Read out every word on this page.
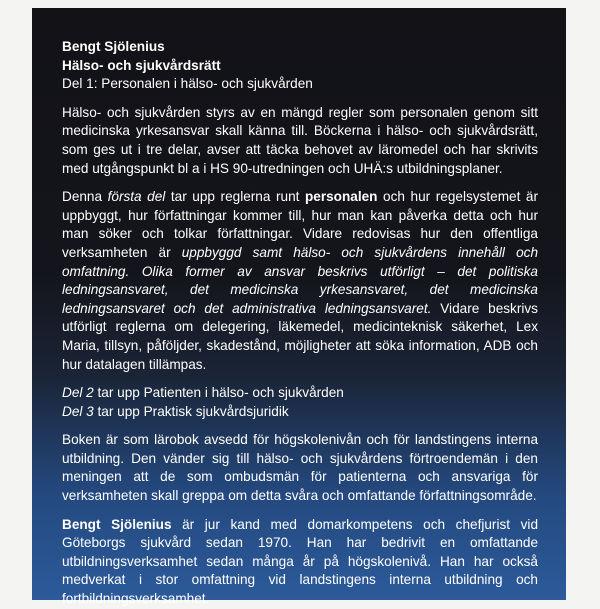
Bengt Sjölenius
Hälso- och sjukvårdsrätt
Del 1: Personalen i hälso- och sjukvården

Hälso- och sjukvården styrs av en mängd regler som personalen genom sitt medicinska yrkesansvar skall känna till. Böckerna i hälso- och sjukvårdsrätt, som ges ut i tre delar, avser att täcka behovet av läromedel och har skrivits med utgångspunkt bl a i HS 90-utredningen och UHÄ:s utbildningsplaner.

Denna första del tar upp reglerna runt personalen och hur regelsystemet är uppbyggt, hur författningar kommer till, hur man kan påverka detta och hur man söker och tolkar författningar. Vidare redovisas hur den offentliga verksamheten är uppbyggd samt hälso- och sjukvårdens innehåll och omfattning. Olika former av ansvar beskrivs utförligt – det politiska ledningsansvaret, det medicinska yrkesansvaret, det medicinska ledningsansvaret och det administrativa ledningsansvaret. Vidare beskrivs utförligt reglerna om delegering, läkemedel, medicinteknisk säkerhet, Lex Maria, tillsyn, påföljder, skadestånd, möjligheter att söka information, ADB och hur datalagen tillämpas.

Del 2 tar upp Patienten i hälso- och sjukvården

Del 3 tar upp Praktisk sjukvårdsjuridik

Boken är som lärobok avsedd för högskolenivån och för landstingens interna utbildning. Den vänder sig till hälso- och sjukvårdens förtroendemän i den meningen att de som ombudsmän för patienterna och ansvariga för verksamheten skall greppa om detta svåra och omfattande författningsområde.

Bengt Sjölenius är jur kand med domarkompetens och chefjurist vid Göteborgs sjukvård sedan 1970. Han har bedrivit en omfattande utbildningsverksamhet sedan många år på högskolenivå. Han har också medverkat i stor omfattning vid landstingens interna utbildning och fortbildningsverksamhet.
